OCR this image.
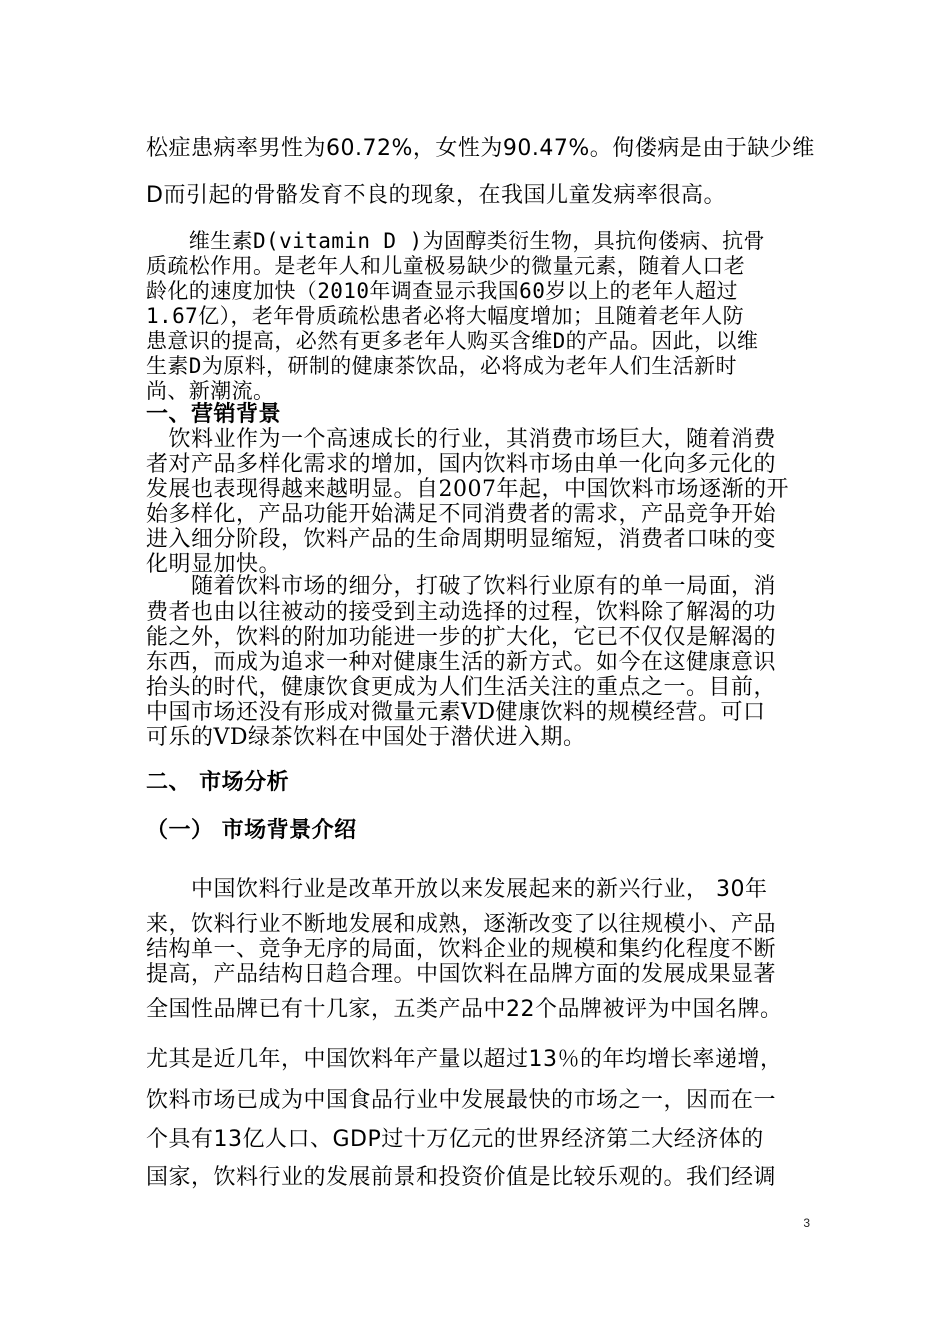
松症患病率男性为60.72%，女性为90.47%。佝偻病是由于缺少维
D而引起的骨骼发育不良的现象，在我国儿童发病率很高。
　　维生素D(vitamin D )为固醇类衍生物，具抗佝偻病、抗骨
质疏松作用。是老年人和儿童极易缺少的微量元素，随着人口老
龄化的速度加快（2010年调查显示我国60岁以上的老年人超过
1.67亿），老年骨质疏松患者必将大幅度增加；且随着老年人防
患意识的提高，必然有更多老年人购买含维D的产品。因此，以维
生素D为原料，研制的健康茶饮品，必将成为老年人们生活新时
尚、新潮流。
一、营销背景
　饮料业作为一个高速成长的行业，其消费市场巨大，随着消费
者对产品多样化需求的增加，国内饮料市场由单一化向多元化的
发展也表现得越来越明显。自2007年起，中国饮料市场逐渐的开
始多样化，产品功能开始满足不同消费者的需求，产品竞争开始
进入细分阶段，饮料产品的生命周期明显缩短，消费者口味的变
化明显加快。
　　随着饮料市场的细分，打破了饮料行业原有的单一局面，消
费者也由以往被动的接受到主动选择的过程，饮料除了解渴的功
能之外，饮料的附加功能进一步的扩大化，它已不仅仅是解渴的
东西，而成为追求一种对健康生活的新方式。如今在这健康意识
抬头的时代，健康饮食更成为人们生活关注的重点之一。目前，
中国市场还没有形成对微量元素VD健康饮料的规模经营。可口
可乐的VD绿茶饮料在中国处于潜伏进入期。
二、 市场分析
（一） 市场背景介绍
　　中国饮料行业是改革开放以来发展起来的新兴行业， 30年
来，饮料行业不断地发展和成熟，逐渐改变了以往规模小、产品
结构单一、竞争无序的局面，饮料企业的规模和集约化程度不断
提高，产品结构日趋合理。中国饮料在品牌方面的发展成果显著
全国性品牌已有十几家，五类产品中22个品牌被评为中国名牌。
尤其是近几年，中国饮料年产量以超过13％的年均增长率递增，
饮料市场已成为中国食品行业中发展最快的市场之一，因而在一
个具有13亿人口、GDP过十万亿元的世界经济第二大经济体的
国家，饮料行业的发展前景和投资价值是比较乐观的。我们经调
3
